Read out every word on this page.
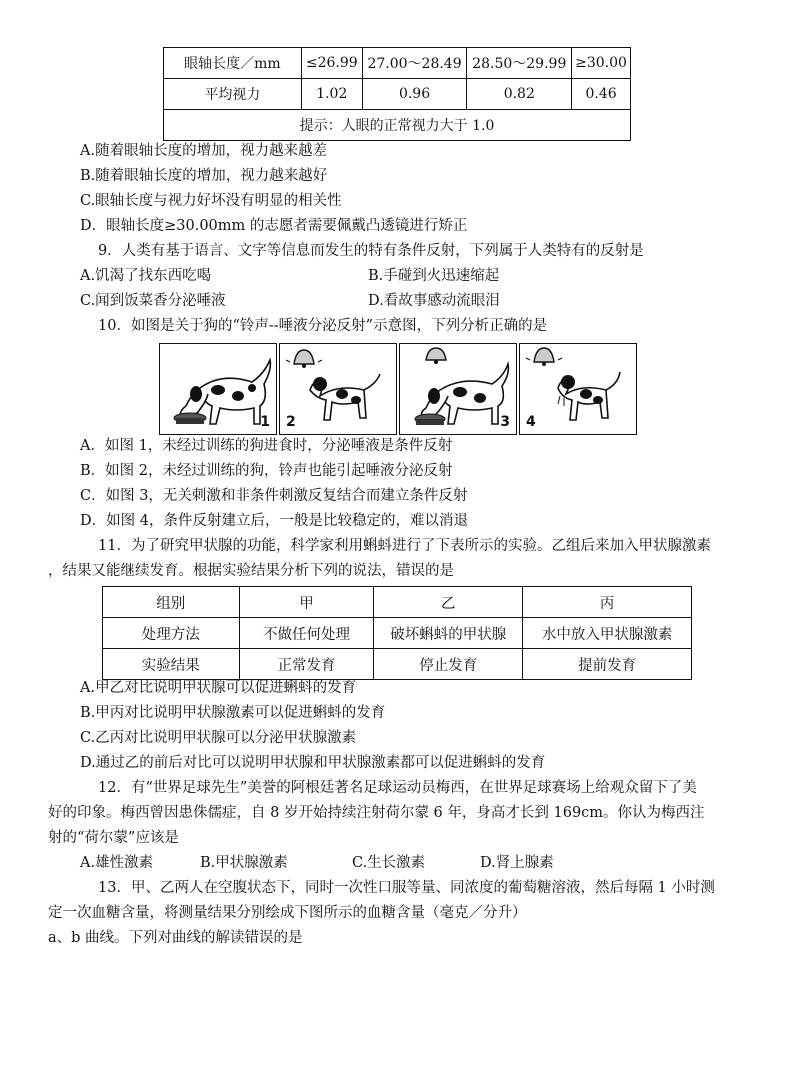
眼轴长度／mm	≤26.99	27.00～28.49	28.50～29.99	≥30.00
平均视力	1.02	0.96	0.82	0.46
提示：人眼的正常视力大于 1.0				
A.随着眼轴长度的增加，视力越来越差
B.随着眼轴长度的增加，视力越来越好
C.眼轴长度与视力好坏没有明显的相关性
D．眼轴长度≥30.00mm 的志愿者需要佩戴凸透镜进行矫正
9．人类有基于语言、文字等信息而发生的特有条件反射，下列属于人类特有的反射是
A.饥渴了找东西吃喝	B.手碰到火迅速缩起
C.闻到饭菜香分泌唾液	D.看故事感动流眼泪
10．如图是关于狗的“铃声--唾液分泌反射”示意图，下列分析正确的是
1 2	3 4
A．如图 1，未经过训练的狗进食时，分泌唾液是条件反射
B．如图 2，未经过训练的狗，铃声也能引起唾液分泌反射
C．如图 3，无关刺激和非条件刺激反复结合而建立条件反射
D．如图 4，条件反射建立后，一般是比较稳定的，难以消退
11．为了研究甲状腺的功能，科学家利用蝌蚪进行了下表所示的实验。乙组后来加入甲状腺激素
，结果又能继续发育。根据实验结果分析下列的说法，错误的是
组别	甲	乙	丙
处理方法	不做任何处理	破坏蝌蚪的甲状腺	水中放入甲状腺激素
实验结果	正常发育	停止发育	提前发育
A.甲乙对比说明甲状腺可以促进蝌蚪的发育
B.甲丙对比说明甲状腺激素可以促进蝌蚪的发育
C.乙丙对比说明甲状腺可以分泌甲状腺激素
D.通过乙的前后对比可以说明甲状腺和甲状腺激素都可以促进蝌蚪的发育
12．有“世界足球先生”美誉的阿根廷著名足球运动员梅西，在世界足球赛场上给观众留下了美
好的印象。梅西曾因患侏儒症，自 8 岁开始持续注射荷尔蒙 6 年，身高才长到 169cm。你认为梅西注
射的“荷尔蒙”应该是
A.雄性激素	B.甲状腺激素	C.生长激素	D.肾上腺素
13．甲、乙两人在空腹状态下，同时一次性口服等量、同浓度的葡萄糖溶液，然后每隔 1 小时测
定一次血糖含量，将测量结果分别绘成下图所示的血糖含量（毫克／分升）
a、b 曲线。下列对曲线的解读错误的是
